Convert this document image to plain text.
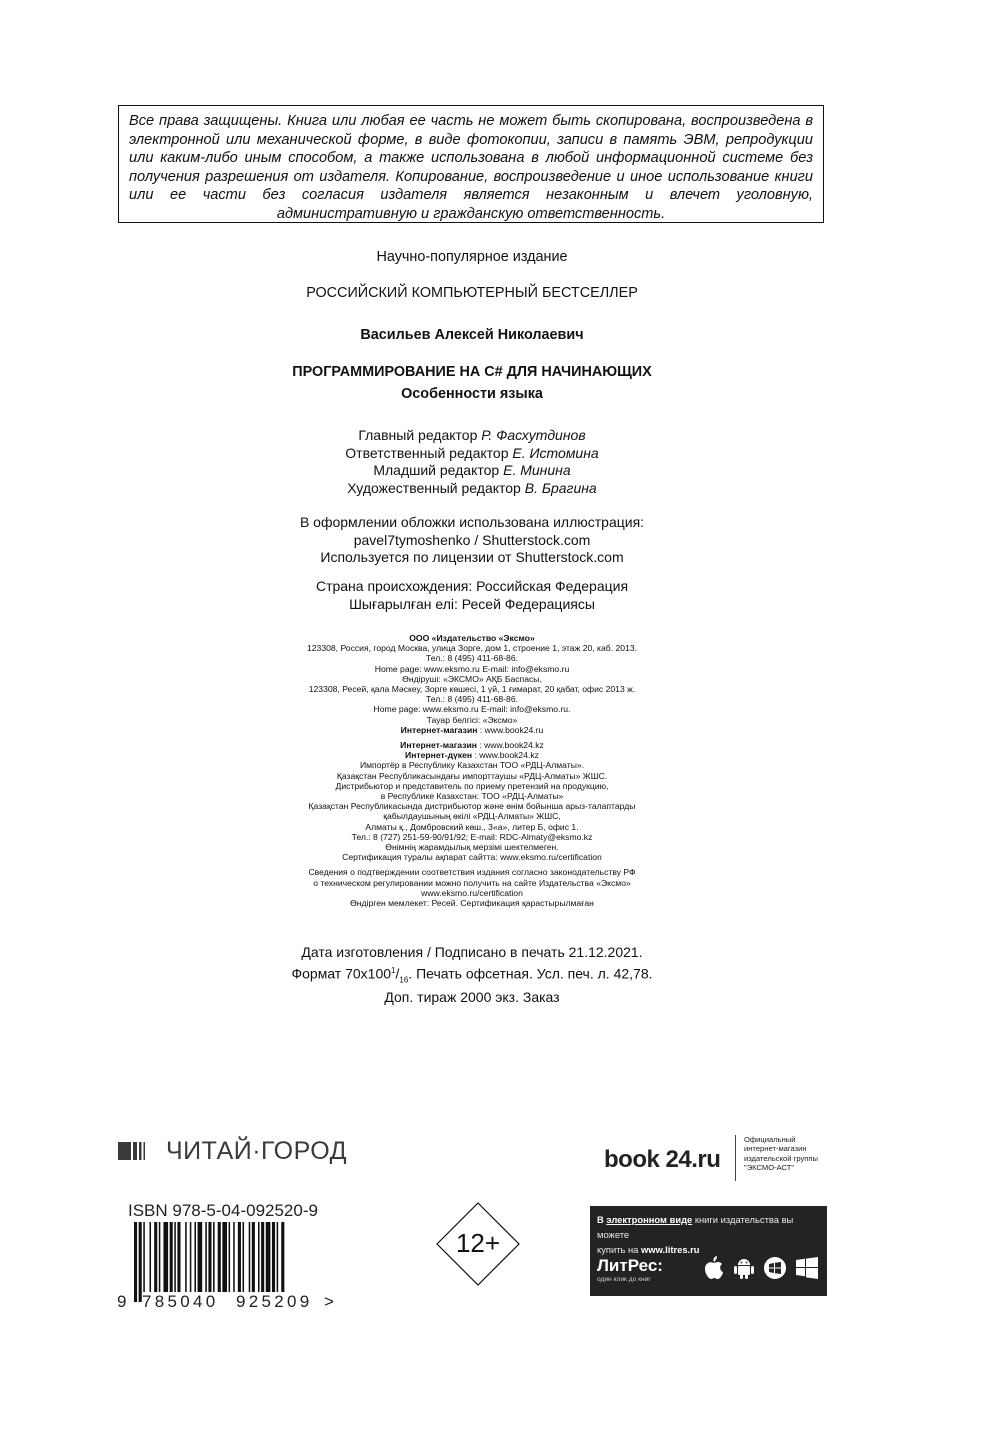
Все права защищены. Книга или любая ее часть не может быть скопирована, воспроизведена в электронной или механической форме, в виде фотокопии, записи в память ЭВМ, репродукции или каким-либо иным способом, а также использована в любой информационной системе без получения разрешения от издателя. Копирование, воспроизведение и иное использование книги или ее части без согласия издателя является незаконным и влечет уголовную, административную и гражданскую ответственность.
Научно-популярное издание
РОССИЙСКИЙ КОМПЬЮТЕРНЫЙ БЕСТСЕЛЛЕР
Васильев Алексей Николаевич
ПРОГРАММИРОВАНИЕ НА C# ДЛЯ НАЧИНАЮЩИХ
Особенности языка
Главный редактор Р. Фасхутдинов
Ответственный редактор Е. Истомина
Младший редактор Е. Минина
Художественный редактор В. Брагина
В оформлении обложки использована иллюстрация:
pavel7tymoshenko / Shutterstock.com
Используется по лицензии от Shutterstock.com
Страна происхождения: Российская Федерация
Шығарылған елі: Ресей Федерациясы
ООО «Издательство «Эксмо»
123308, Россия, город Москва, улица Зорге, дом 1, строение 1, этаж 20, каб. 2013.
Тел.: 8 (495) 411-68-86.
Home page: www.eksmo.ru E-mail: info@eksmo.ru
Өндіруші: «ЭКСМО» АҚБ Баспасы,
123308, Ресей, қала Мәскеу, Зорге көшесі, 1 үй, 1 ғимарат, 20 қабат, офис 2013 ж.
Тел.: 8 (495) 411-68-86.
Home page: www.eksmo.ru E-mail: info@eksmo.ru.
Тауар белгісі: «Эксмо»
Интернет-магазин : www.book24.ru
Интернет-магазин : www.book24.kz
Интернет-дүкен : www.book24.kz
Импортёр в Республику Казахстан ТОО «РДЦ-Алматы».
Қазақстан Республикасындағы импорттаушы «РДЦ-Алматы» ЖШС.
Дистрибьютор и представитель по приему претензий на продукцию,
в Республике Казахстан: ТОО «РДЦ-Алматы»
Қазақстан Республикасында дистрибьютор және өнім бойынша арыз-талаптарды
қабылдаушының өкілі «РДЦ-Алматы» ЖШС,
Алматы қ., Домбровский көш., 3«а», литер Б, офис 1.
Тел.: 8 (727) 251-59-90/91/92; E-mail: RDC-Almaty@eksmo.kz
Өнімнің жарамдылық мерзімі шектелмеген.
Сертификация туралы ақпарат сайтта: www.eksmo.ru/certification
Сведения о подтверждении соответствия издания согласно законодательству РФ
о техническом регулировании можно получить на сайте Издательства «Эксмо»
www.eksmo.ru/certification
Өндірген мемлекет: Ресей. Сертификация қарастырылмаған
Дата изготовления / Подписано в печать 21.12.2021.
Формат $70x100^1/_{16}$. Печать офсетная. Усл. печ. л. 42,78.
Доп. тираж 2000 экз. Заказ
ЧИТАЙ·ГОРОД
ISBN 978-5-04-092520-9
9 785040 925209 >
12+
book 24.ru
Официальный
интернет-магазин
издательской группы
"ЭКСМО-АСТ"
В электронном виде книги издательства вы можете
купить на www.litres.ru
ЛитРес:
один клик до книг
